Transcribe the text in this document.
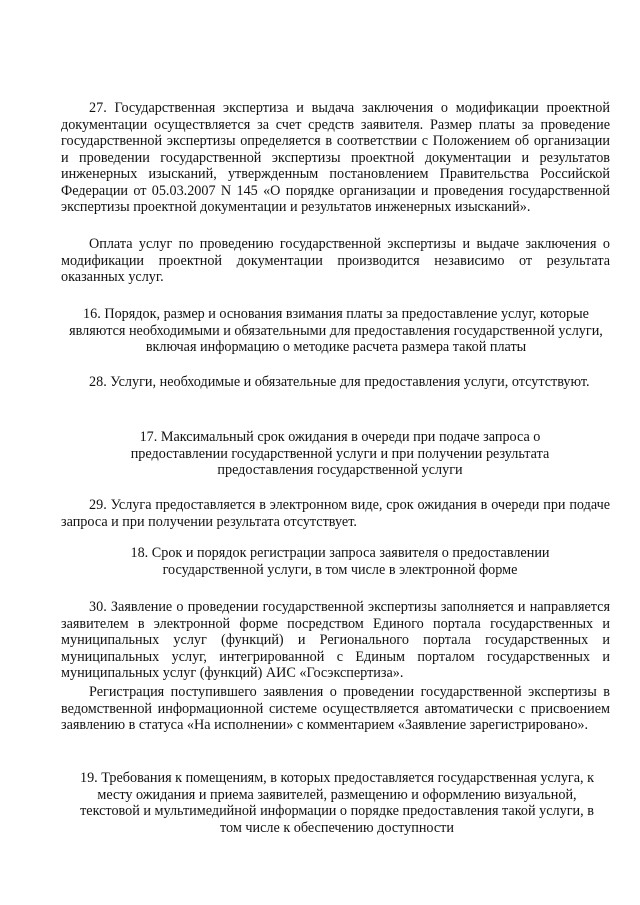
27. Государственная экспертиза и выдача заключения о модификации проектной документации осуществляется за счет средств заявителя. Размер платы за проведение государственной экспертизы определяется в соответствии с Положением об организации и проведении государственной экспертизы проектной документации и результатов инженерных изысканий, утвержденным постановлением Правительства Российской Федерации от 05.03.2007 N 145 «О порядке организации и проведения государственной экспертизы проектной документации и результатов инженерных изысканий».

Оплата услуг по проведению государственной экспертизы и выдаче заключения о модификации проектной документации производится независимо от результата оказанных услуг.

16. Порядок, размер и основания взимания платы за предоставление услуг, которые являются необходимыми и обязательными для предоставления государственной услуги, включая информацию о методике расчета размера такой платы

28. Услуги, необходимые и обязательные для предоставления услуги, отсутствуют.

17. Максимальный срок ожидания в очереди при подаче запроса о предоставлении государственной услуги и при получении результата предоставления государственной услуги

29. Услуга предоставляется в электронном виде, срок ожидания в очереди при подаче запроса и при получении результата отсутствует.

18. Срок и порядок регистрации запроса заявителя о предоставлении государственной услуги, в том числе в электронной форме

30. Заявление о проведении государственной экспертизы заполняется и направляется заявителем в электронной форме посредством Единого портала государственных и муниципальных услуг (функций) и Регионального портала государственных и муниципальных услуг, интегрированной с Единым порталом государственных и муниципальных услуг (функций) АИС «Госэкспертиза».

Регистрация поступившего заявления о проведении государственной экспертизы в ведомственной информационной системе осуществляется автоматически с присвоением заявлению в статуса «На исполнении» с комментарием «Заявление зарегистрировано».

19. Требования к помещениям, в которых предоставляется государственная услуга, к месту ожидания и приема заявителей, размещению и оформлению визуальной, текстовой и мультимедийной информации о порядке предоставления такой услуги, в том числе к обеспечению доступности
